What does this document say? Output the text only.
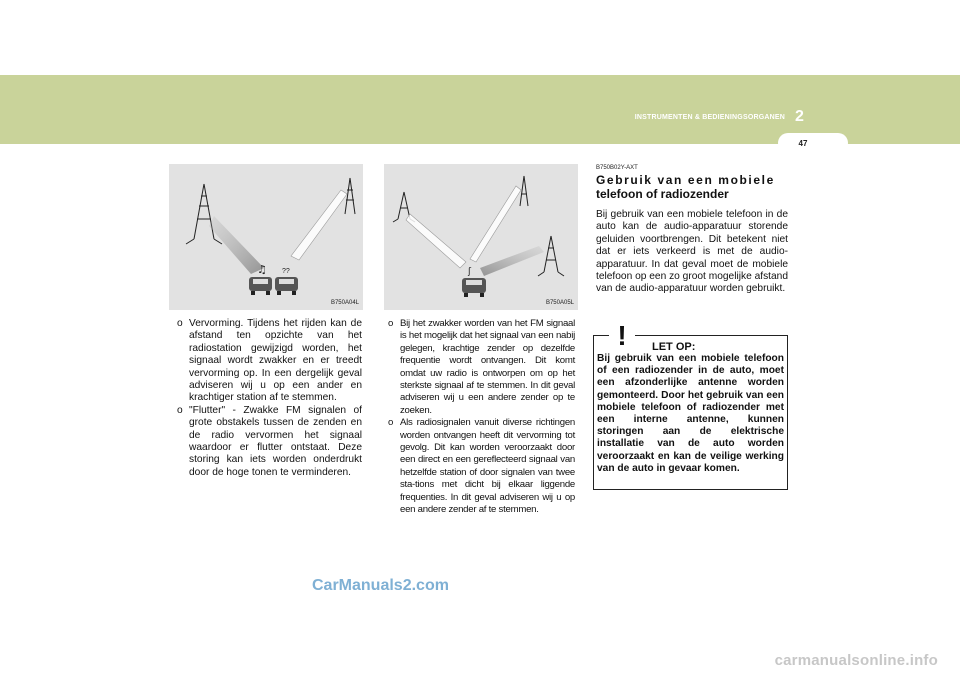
INSTRUMENTEN & BEDIENINGSORGANEN 2
47
♫ ??
B750A04L
ʃ
B750A05L
o Vervorming. Tijdens het rijden kan de afstand ten opzichte van het radiostation gewijzigd worden, het signaal wordt zwakker en er treedt vervorming op. In een dergelijk geval adviseren wij u op een ander en krachtiger station af te stemmen.
o "Flutter" - Zwakke FM signalen of grote obstakels tussen de zenden en de radio vervormen het signaal waardoor er flutter ontstaat. Deze storing kan iets worden onderdrukt door de hoge tonen te verminderen.
o Bij het zwakker worden van het FM signaal is het mogelijk dat het signaal van een nabij gelegen, krachtige zender op dezelfde frequentie wordt ontvangen. Dit komt omdat uw radio is ontworpen om op het sterkste signaal af te stemmen. In dit geval adviseren wij u een andere zender op te zoeken.
o Als radiosignalen vanuit diverse richtingen worden ontvangen heeft dit vervorming tot gevolg. Dit kan worden veroorzaakt door een direct en een gereflecteerd signaal van hetzelfde station of door signalen van twee sta-tions met dicht bij elkaar liggende frequenties. In dit geval adviseren wij u op een andere zender af te stemmen.
B750B02Y-AXT
Gebruik van een mobiele
telefoon of radiozender
Bij gebruik van een mobiele telefoon in de auto kan de audio-apparatuur storende geluiden voortbrengen. Dit betekent niet dat er iets verkeerd is met de audio-apparatuur. In dat geval moet de mobiele telefoon op een zo groot mogelijke afstand van de audio-apparatuur worden gebruikt.
!	LET OP:
Bij gebruik van een mobiele telefoon of een radiozender in de auto, moet een afzonderlijke antenne worden gemonteerd. Door het gebruik van een mobiele telefoon of radiozender met een interne antenne, kunnen storingen aan de elektrische installatie van de auto worden veroorzaakt en kan de veilige werking van de auto in gevaar komen.
CarManuals2.com
carmanualsonline.info
